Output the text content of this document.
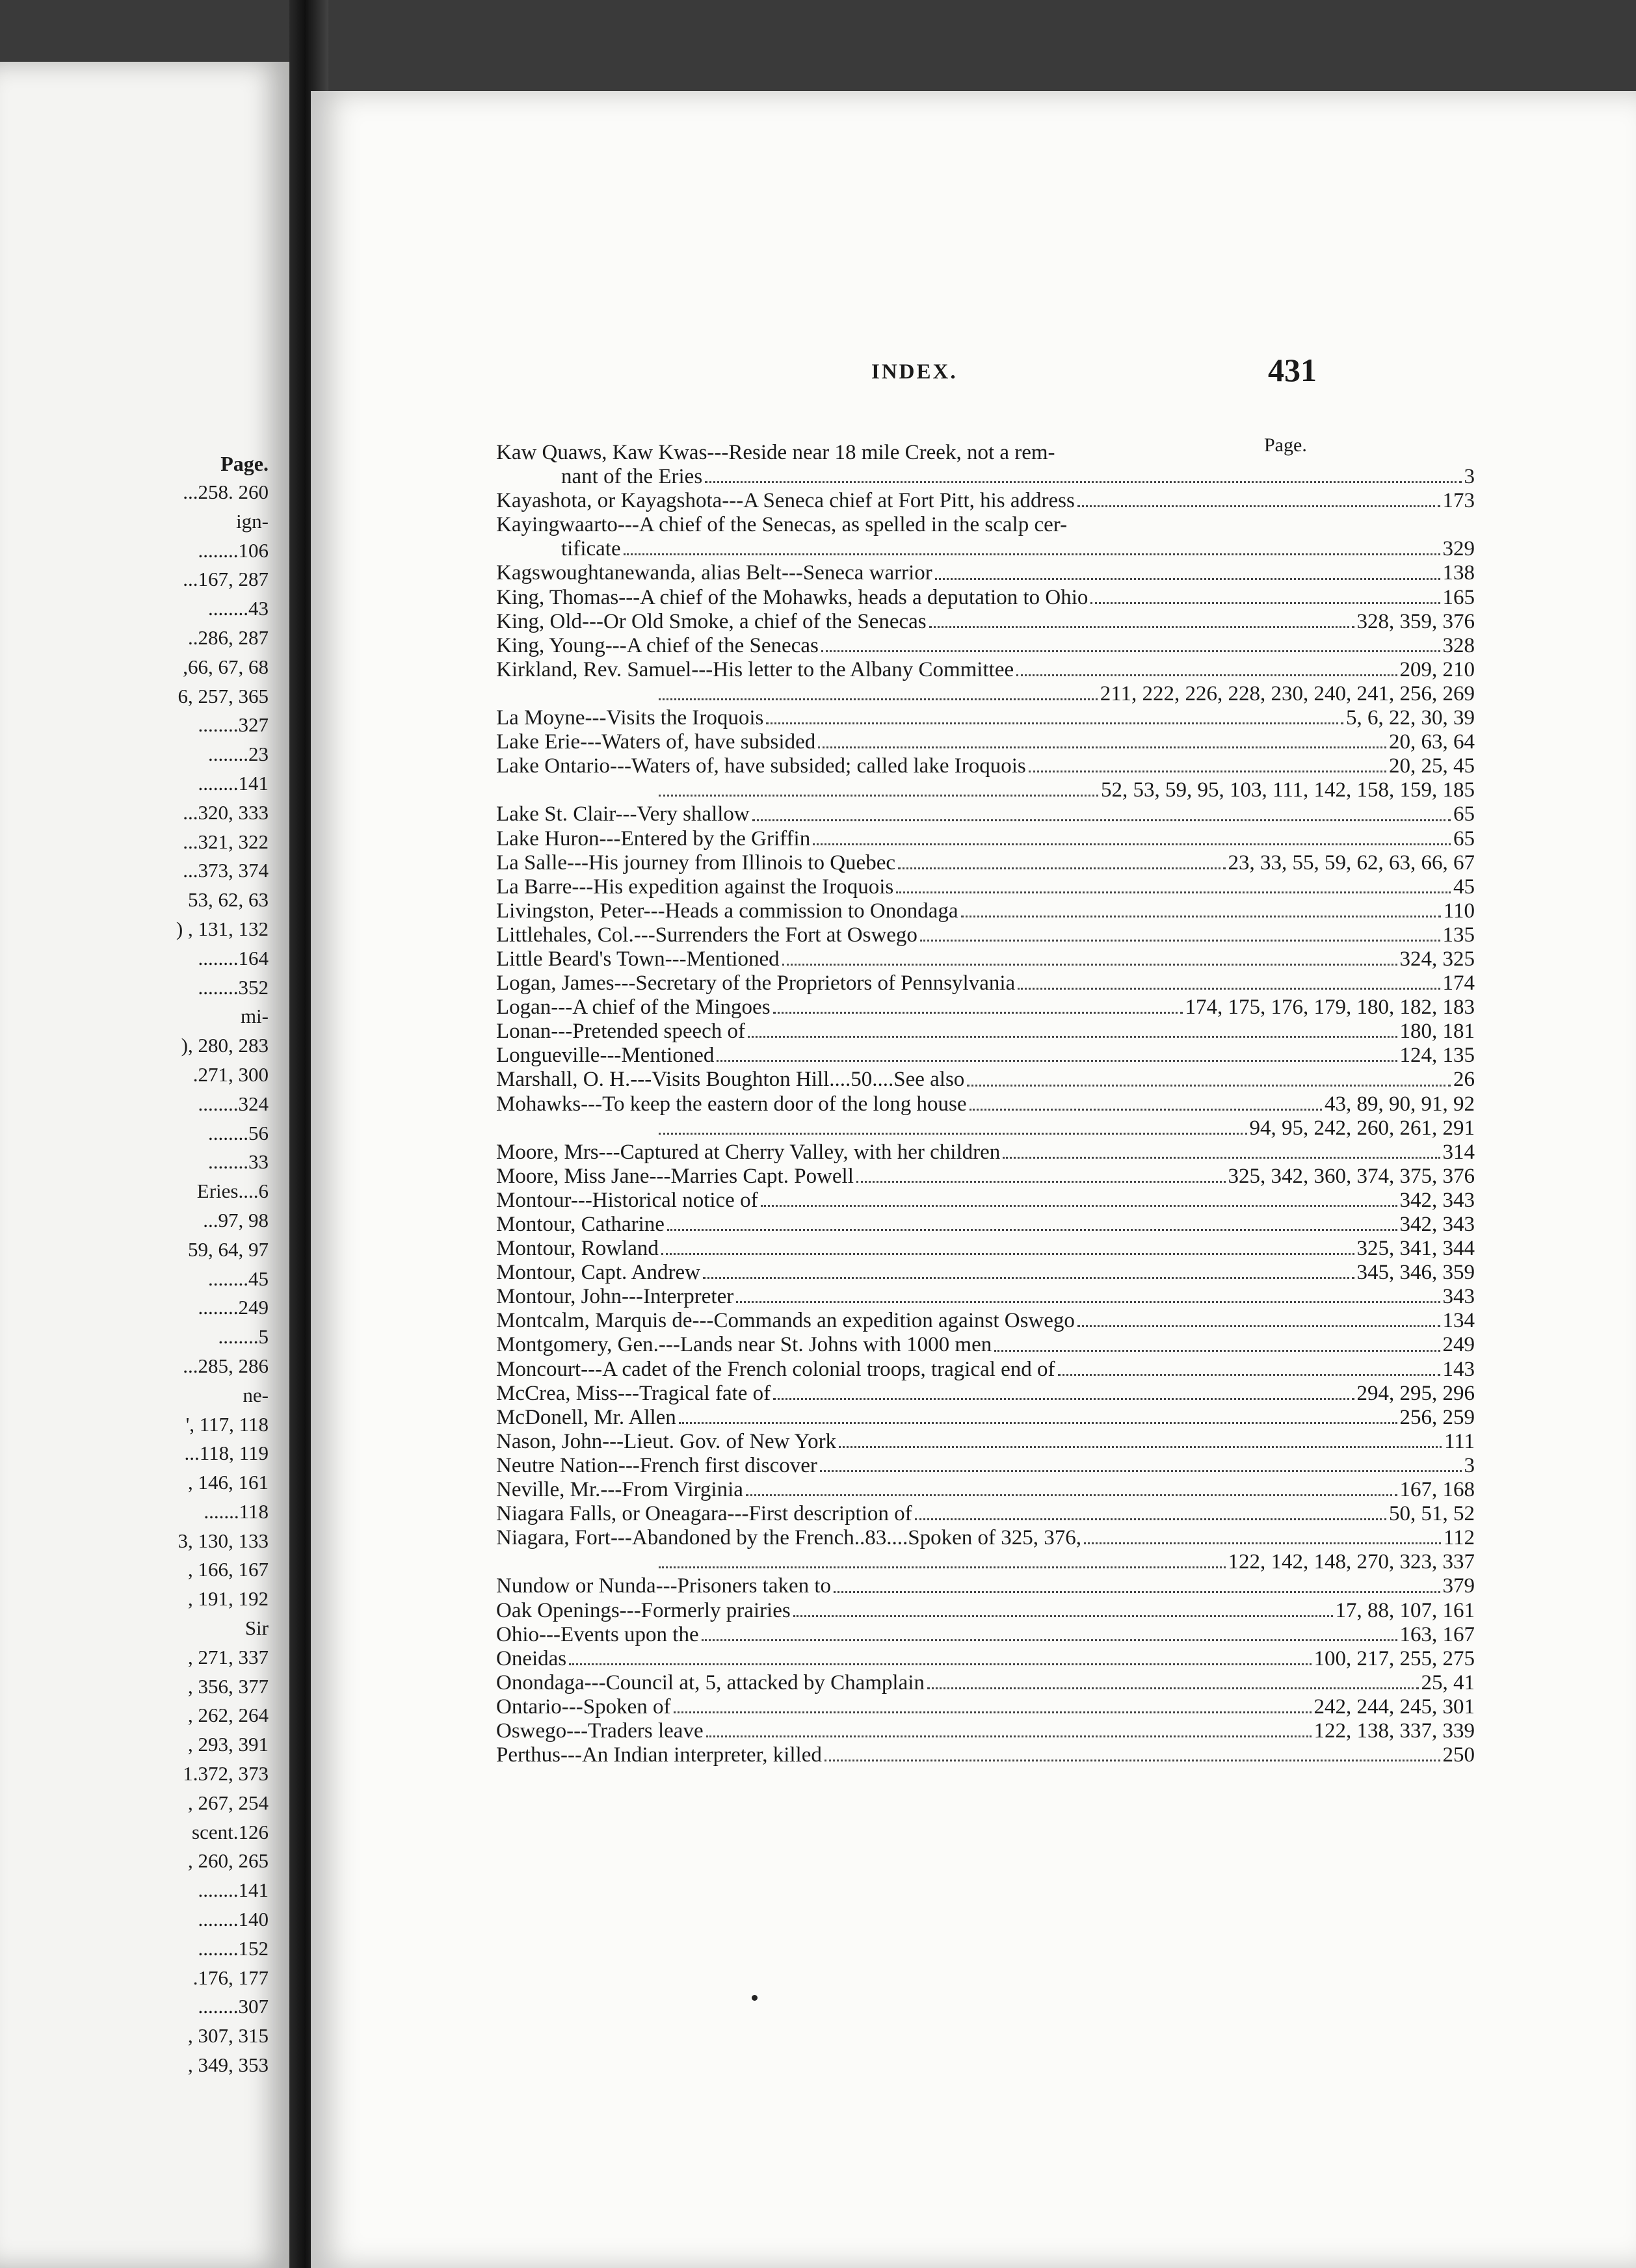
Page.
...258. 260
ign-
........106
...167, 287
........43
..286, 287
,66, 67, 68
6, 257, 365
........327
........23
........141
...320, 333
...321, 322
...373, 374
53, 62, 63
) , 131, 132
........164
........352
mi-
), 280, 283
.271, 300
........324
........56
........33
Eries....6
...97, 98
59, 64, 97
........45
........249
........5
...285, 286
ne-
', 117, 118
...118, 119
, 146, 161
.......118
3, 130, 133
, 166, 167
, 191, 192
Sir
, 271, 337
, 356, 377
, 262, 264
, 293, 391
1.372, 373
, 267, 254
scent.126
, 260, 265
........141
........140
........152
.176, 177
........307
, 307, 315
, 349, 353
INDEX.	431
Page.
Kaw Quaws, Kaw Kwas---Reside near 18 mile Creek, not a rem-
nant of the Eries	3
Kayashota, or Kayagshota---A Seneca chief at Fort Pitt, his address	173
Kayingwaarto---A chief of the Senecas, as spelled in the scalp cer-
tificate	329
Kagswoughtanewanda, alias Belt---Seneca warrior	138
King, Thomas---A chief of the Mohawks, heads a deputation to Ohio	165
King, Old---Or Old Smoke, a chief of the Senecas	328, 359, 376
King, Young---A chief of the Senecas	328
Kirkland, Rev. Samuel---His letter to the Albany Committee	209, 210
211, 222, 226, 228, 230, 240, 241, 256, 269
La Moyne---Visits the Iroquois	5, 6, 22, 30, 39
Lake Erie---Waters of, have subsided	20, 63, 64
Lake Ontario---Waters of, have subsided; called lake Iroquois	20, 25, 45
52, 53, 59, 95, 103, 111, 142, 158, 159, 185
Lake St. Clair---Very shallow	65
Lake Huron---Entered by the Griffin	65
La Salle---His journey from Illinois to Quebec	23, 33, 55, 59, 62, 63, 66, 67
La Barre---His expedition against the Iroquois	45
Livingston, Peter---Heads a commission to Onondaga	110
Littlehales, Col.---Surrenders the Fort at Oswego	135
Little Beard's Town---Mentioned	324, 325
Logan, James---Secretary of the Proprietors of Pennsylvania	174
Logan---A chief of the Mingoes	174, 175, 176, 179, 180, 182, 183
Lonan---Pretended speech of	180, 181
Longueville---Mentioned	124, 135
Marshall, O. H.---Visits Boughton Hill....50....See also	26
Mohawks---To keep the eastern door of the long house	43, 89, 90, 91, 92
94, 95, 242, 260, 261, 291
Moore, Mrs---Captured at Cherry Valley, with her children	314
Moore, Miss Jane---Marries Capt. Powell	325, 342, 360, 374, 375, 376
Montour---Historical notice of	342, 343
Montour, Catharine	342, 343
Montour, Rowland	325, 341, 344
Montour, Capt. Andrew	345, 346, 359
Montour, John---Interpreter	343
Montcalm, Marquis de---Commands an expedition against Oswego	134
Montgomery, Gen.---Lands near St. Johns with 1000 men	249
Moncourt---A cadet of the French colonial troops, tragical end of	143
McCrea, Miss---Tragical fate of	294, 295, 296
McDonell, Mr. Allen	256, 259
Nason, John---Lieut. Gov. of New York	111
Neutre Nation---French first discover	3
Neville, Mr.---From Virginia	167, 168
Niagara Falls, or Oneagara---First description of	50, 51, 52
Niagara, Fort---Abandoned by the French..83....Spoken of 325, 376,	112
122, 142, 148, 270, 323, 337
Nundow or Nunda---Prisoners taken to	379
Oak Openings---Formerly prairies	17, 88, 107, 161
Ohio---Events upon the	163, 167
Oneidas	100, 217, 255, 275
Onondaga---Council at, 5, attacked by Champlain	25, 41
Ontario---Spoken of	242, 244, 245, 301
Oswego---Traders leave	122, 138, 337, 339
Perthus---An Indian interpreter, killed	250
